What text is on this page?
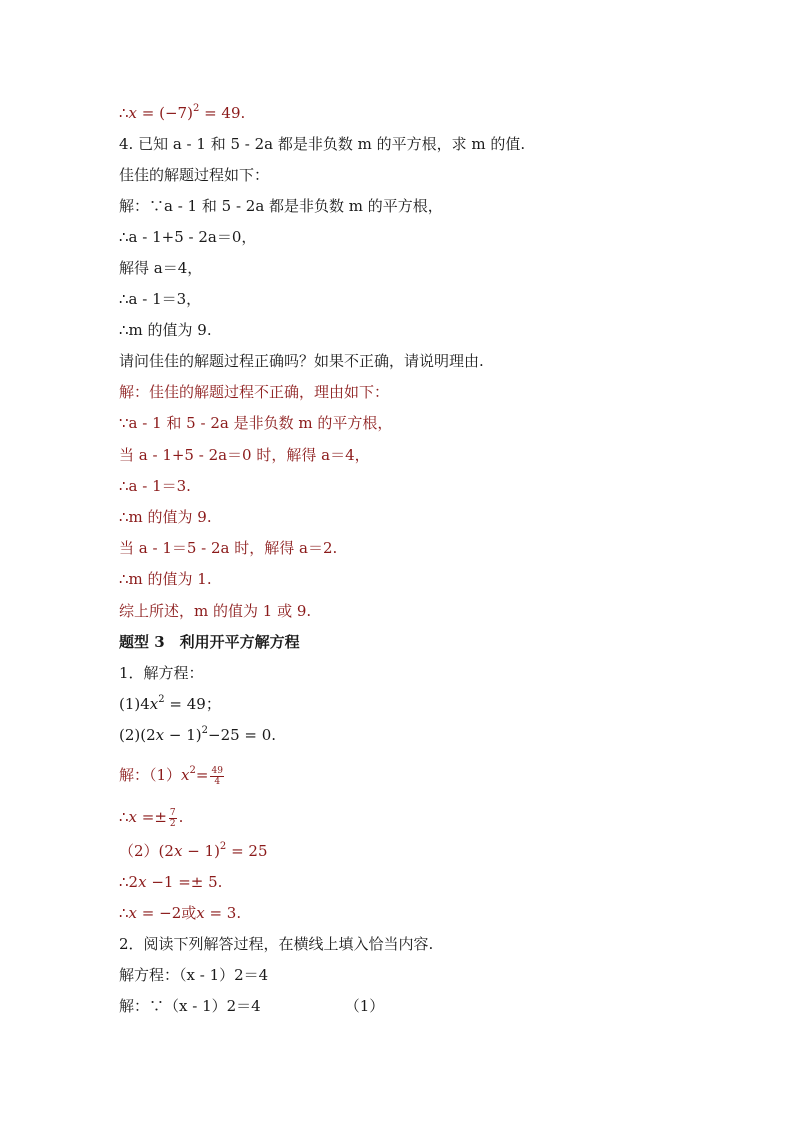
∴x = $(-7)^2 = 49$.
4. 已知 a - 1 和 5 - 2a 都是非负数 m 的平方根，求 m 的值.
佳佳的解题过程如下：
解：∵a - 1 和 5 - 2a 都是非负数 m 的平方根，
∴a - 1+5 - 2a＝0，
解得 a＝4，
∴a - 1＝3，
∴m 的值为 9.
请问佳佳的解题过程正确吗？如果不正确，请说明理由.
解：佳佳的解题过程不正确，理由如下：
∵a - 1 和 5 - 2a 是非负数 m 的平方根，
当 a - 1+5 - 2a＝0 时，解得 a＝4，
∴a - 1＝3.
∴m 的值为 9.
当 a - 1＝5 - 2a 时，解得 a＝2.
∴m 的值为 1.
综上所述，m 的值为 1 或 9.
题型 3　利用开平方解方程
1．解方程：
$(1)4x^2 = 49$；
$(2)(2x - 1)^2-25 = 0$.
解：$(1)x^2= \frac{49}{4}$
∴x =± $\frac{7}{2}$ .
$(2)(2x - 1)^2 = 25$
∴2x −1 =± 5.
∴x = −2或x = 3.
2．阅读下列解答过程，在横线上填入恰当内容.
解方程：（x - 1）2＝4
解：∵（x - 1）2＝4	（1）
